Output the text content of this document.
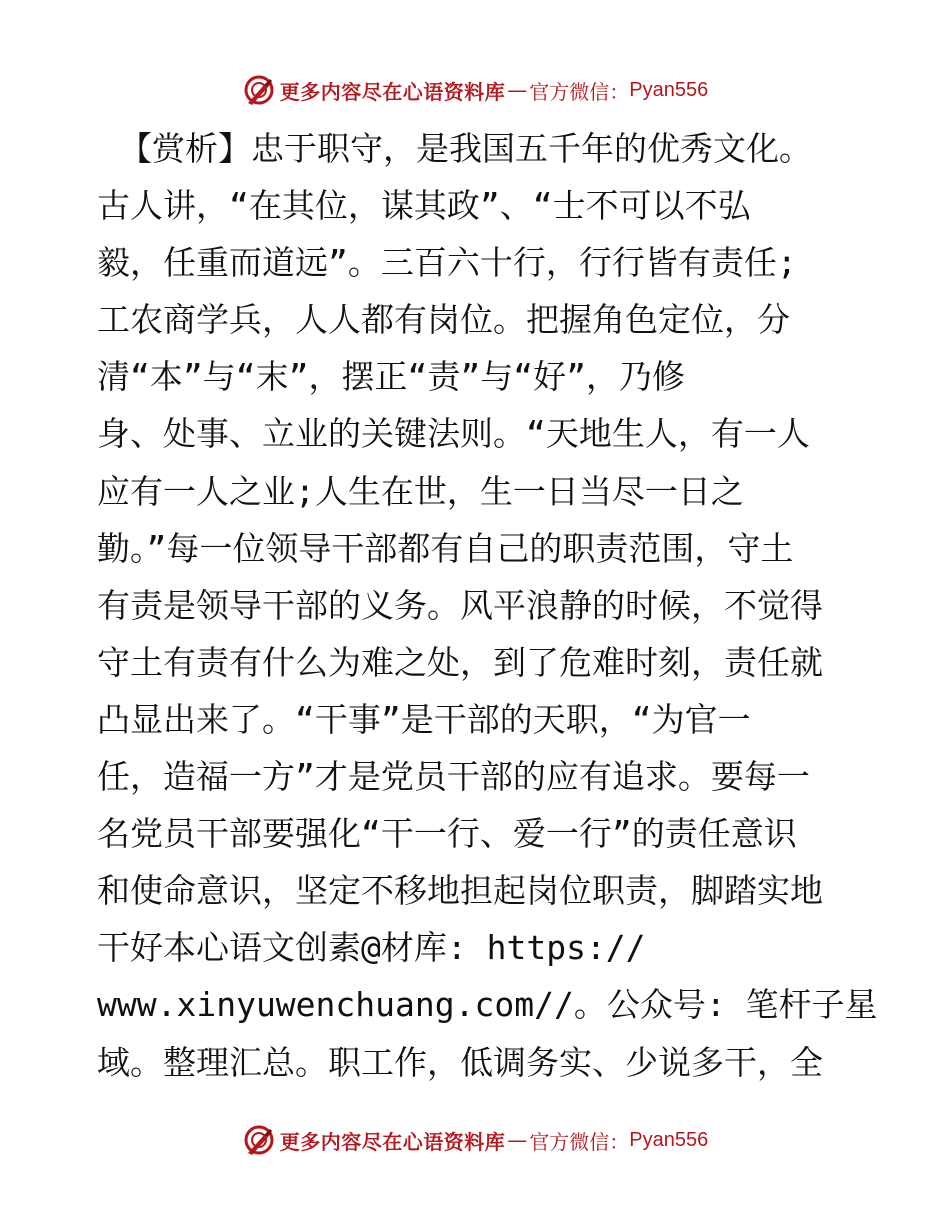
更多内容尽在心语资料库 — 官方微信： Pyan556
【赏析】忠于职守，是我国五千年的优秀文化。
古人讲，“在其位，谋其政”、“士不可以不弘
毅，任重而道远”。三百六十行，行行皆有责任;
工农商学兵，人人都有岗位。把握角色定位，分
清“本”与“末”，摆正“责”与“好”，乃修
身、处事、立业的关键法则。“天地生人，有一人
应有一人之业;人生在世，生一日当尽一日之
勤。”每一位领导干部都有自己的职责范围，守土
有责是领导干部的义务。风平浪静的时候，不觉得
守土有责有什么为难之处，到了危难时刻，责任就
凸显出来了。“干事”是干部的天职，“为官一
任，造福一方”才是党员干部的应有追求。要每一
名党员干部要强化“干一行、爱一行”的责任意识
和使命意识，坚定不移地担起岗位职责，脚踏实地
干好本心语文创素@材库: https://
www.xinyuwenchuang.com//。公众号: 笔杆子星
域。整理汇总。职工作，低调务实、少说多干，全
更多内容尽在心语资料库 — 官方微信： Pyan556
